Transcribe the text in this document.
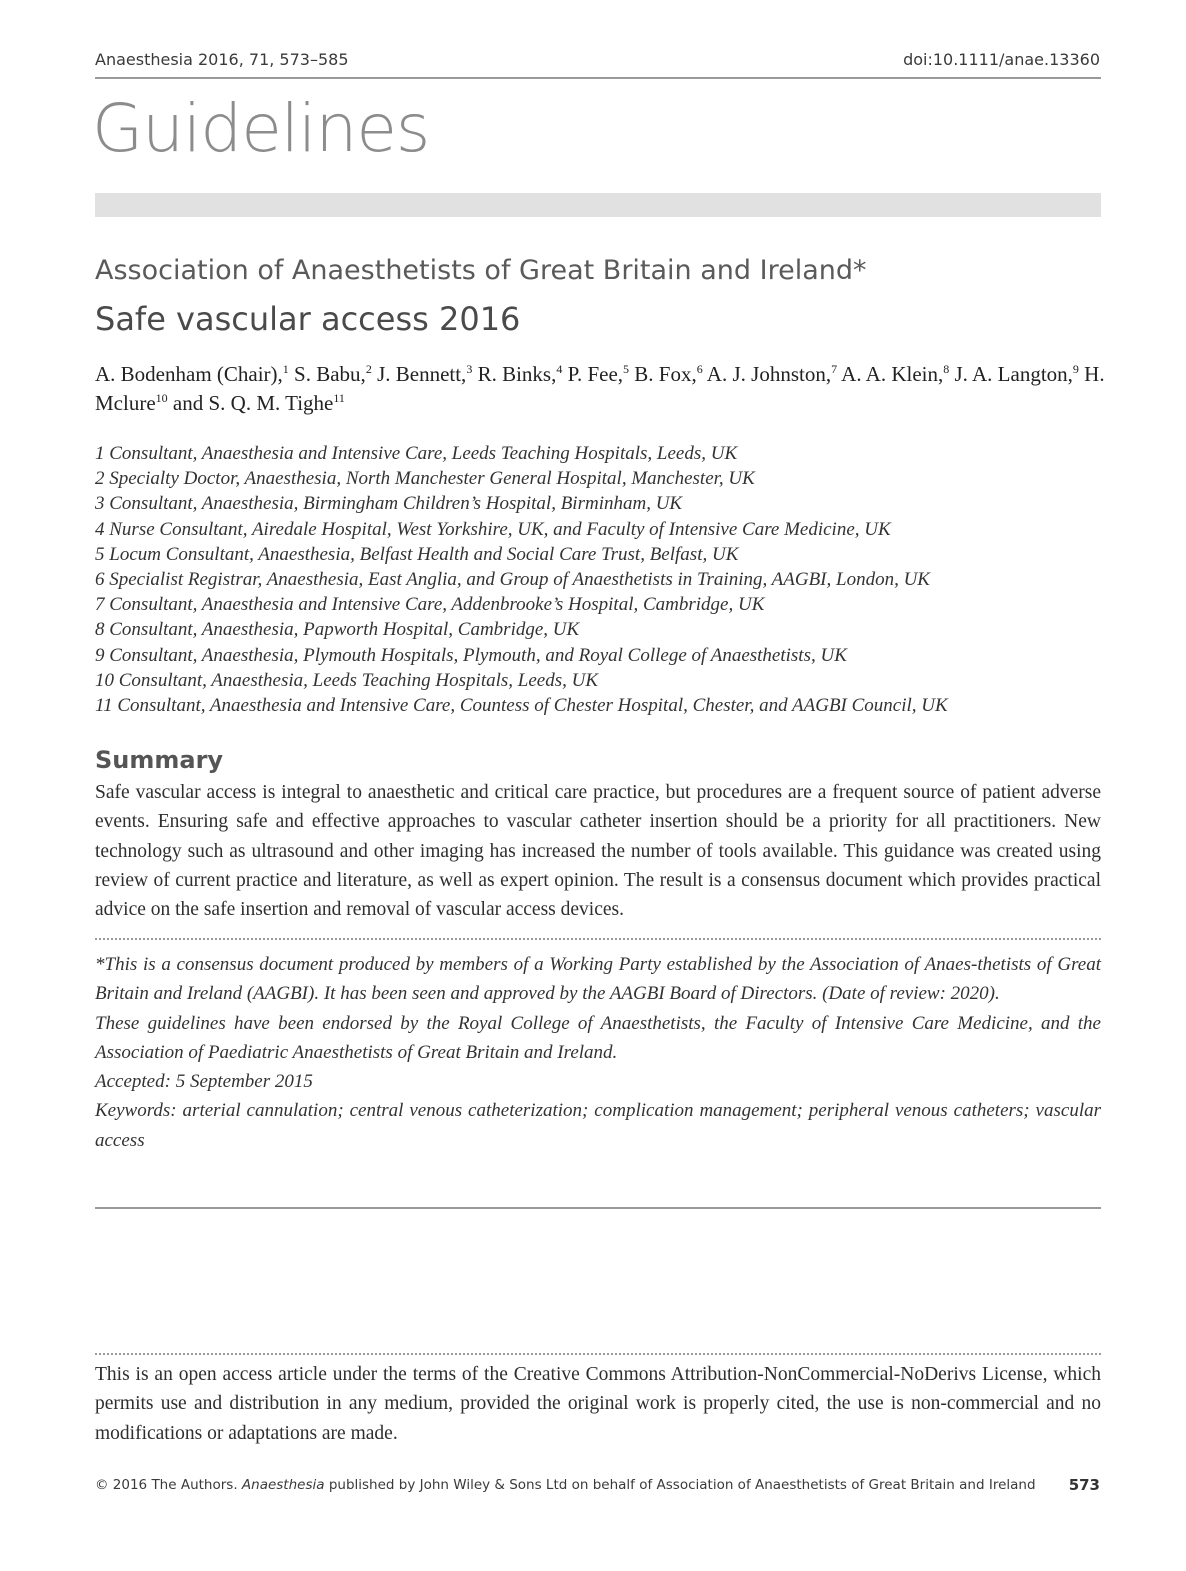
Anaesthesia 2016, 71, 573–585	doi:10.1111/anae.13360
Guidelines
Association of Anaesthetists of Great Britain and Ireland*
Safe vascular access 2016
A. Bodenham (Chair),$^1$ S. Babu,$^2$ J. Bennett,$^3$ R. Binks,$^4$ P. Fee,$^5$ B. Fox,$^6$ A. J. Johnston,$^7$ A. A. Klein,$^8$ J. A. Langton,$^9$ H. Mclure$^{10}$ and S. Q. M. Tighe$^{11}$
1 Consultant, Anaesthesia and Intensive Care, Leeds Teaching Hospitals, Leeds, UK
2 Specialty Doctor, Anaesthesia, North Manchester General Hospital, Manchester, UK
3 Consultant, Anaesthesia, Birmingham Children’s Hospital, Birminham, UK
4 Nurse Consultant, Airedale Hospital, West Yorkshire, UK, and Faculty of Intensive Care Medicine, UK
5 Locum Consultant, Anaesthesia, Belfast Health and Social Care Trust, Belfast, UK
6 Specialist Registrar, Anaesthesia, East Anglia, and Group of Anaesthetists in Training, AAGBI, London, UK
7 Consultant, Anaesthesia and Intensive Care, Addenbrooke’s Hospital, Cambridge, UK
8 Consultant, Anaesthesia, Papworth Hospital, Cambridge, UK
9 Consultant, Anaesthesia, Plymouth Hospitals, Plymouth, and Royal College of Anaesthetists, UK
10 Consultant, Anaesthesia, Leeds Teaching Hospitals, Leeds, UK
11 Consultant, Anaesthesia and Intensive Care, Countess of Chester Hospital, Chester, and AAGBI Council, UK
Summary

Safe vascular access is integral to anaesthetic and critical care practice, but procedures are a frequent source of patient adverse events. Ensuring safe and effective approaches to vascular catheter insertion should be a priority for all practitioners. New technology such as ultrasound and other imaging has increased the number of tools available. This guidance was created using review of current practice and literature, as well as expert opinion. The result is a consensus document which provides practical advice on the safe insertion and removal of vascular access devices.

*This is a consensus document produced by members of a Working Party established by the Association of Anaes-thetists of Great Britain and Ireland (AAGBI). It has been seen and approved by the AAGBI Board of Directors. (Date of review: 2020).

These guidelines have been endorsed by the Royal College of Anaesthetists, the Faculty of Intensive Care Medicine, and the Association of Paediatric Anaesthetists of Great Britain and Ireland.

Accepted: 5 September 2015

Keywords: arterial cannulation; central venous catheterization; complication management; peripheral venous catheters; vascular access

This is an open access article under the terms of the Creative Commons Attribution-NonCommercial-NoDerivs License, which permits use and distribution in any medium, provided the original work is properly cited, the use is non-commercial and no modifications or adaptations are made.

© 2016 The Authors. Anaesthesia published by John Wiley & Sons Ltd on behalf of Association of Anaesthetists of Great Britain and Ireland 573
